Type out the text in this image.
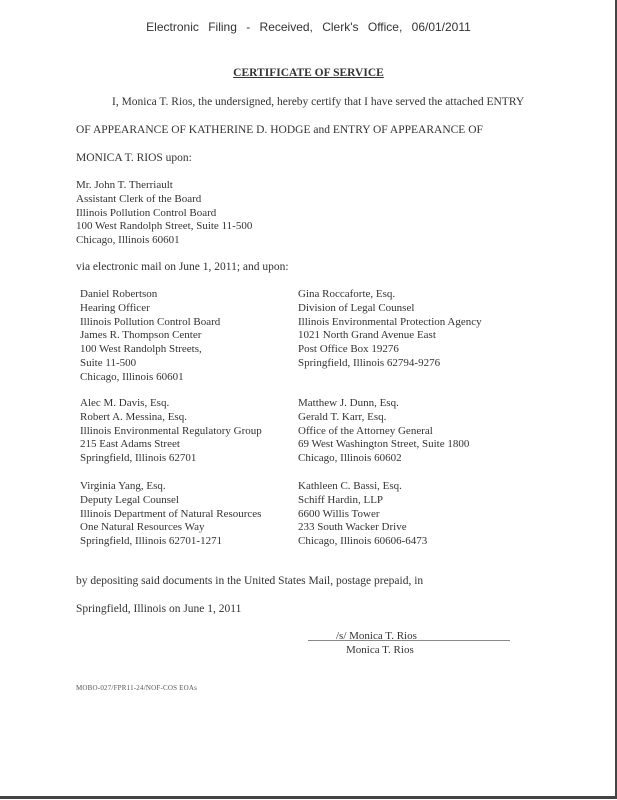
Electronic Filing - Received, Clerk's Office, 06/01/2011
CERTIFICATE OF SERVICE
I, Monica T. Rios, the undersigned, hereby certify that I have served the attached ENTRY
OF APPEARANCE OF KATHERINE D. HODGE and ENTRY OF APPEARANCE OF
MONICA T. RIOS upon:
Mr. John T. Therriault
Assistant Clerk of the Board
Illinois Pollution Control Board
100 West Randolph Street, Suite 11-500
Chicago, Illinois 60601
via electronic mail on June 1, 2011; and upon:
Daniel Robertson
Hearing Officer
Illinois Pollution Control Board
James R. Thompson Center
100 West Randolph Streets,
Suite 11-500
Chicago, Illinois 60601
Alec M. Davis, Esq.
Robert A. Messina, Esq.
Illinois Environmental Regulatory Group
215 East Adams Street
Springfield, Illinois 62701
Virginia Yang, Esq.
Deputy Legal Counsel
Illinois Department of Natural Resources
One Natural Resources Way
Springfield, Illinois 62701-1271
Gina Roccaforte, Esq.
Division of Legal Counsel
Illinois Environmental Protection Agency
1021 North Grand Avenue East
Post Office Box 19276
Springfield, Illinois 62794-9276
Matthew J. Dunn, Esq.
Gerald T. Karr, Esq.
Office of the Attorney General
69 West Washington Street, Suite 1800
Chicago, Illinois 60602
Kathleen C. Bassi, Esq.
Schiff Hardin, LLP
6600 Willis Tower
233 South Wacker Drive
Chicago, Illinois 60606-6473
by depositing said documents in the United States Mail, postage prepaid, in
Springfield, Illinois on June 1, 2011
/s/ Monica T. Rios
Monica T. Rios
MOBO-027/FPR11-24/NOF-COS EOAs
